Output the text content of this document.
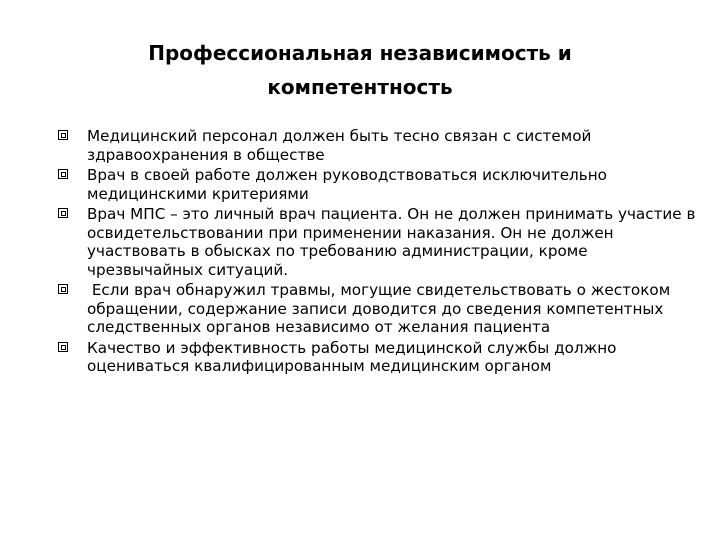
Профессиональная независимость и
компетентность
Медицинский персонал должен быть тесно связан с системой здравоохранения в обществе
Врач в своей работе должен руководствоваться исключительно медицинскими критериями
Врач МПС – это личный врач пациента. Он не должен принимать участие в освидетельствовании при применении наказания. Он не должен участвовать в обысках по требованию администрации, кроме чрезвычайных ситуаций.
Если врач обнаружил травмы, могущие свидетельствовать о жестоком обращении, содержание записи доводится до сведения компетентных следственных органов независимо от желания пациента
Качество и эффективность работы медицинской службы должно оцениваться квалифицированным медицинским органом
